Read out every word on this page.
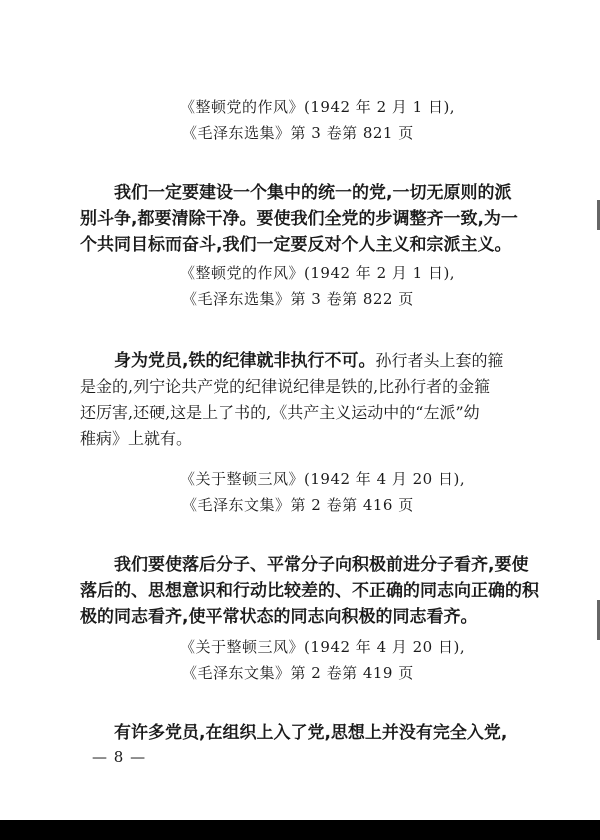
《整顿党的作风》(1942 年 2 月 1 日),
《毛泽东选集》第 3 卷第 821 页
我们一定要建设一个集中的统一的党,一切无原则的派
别斗争,都要清除干净。要使我们全党的步调整齐一致,为一
个共同目标而奋斗,我们一定要反对个人主义和宗派主义。
《整顿党的作风》(1942 年 2 月 1 日),
《毛泽东选集》第 3 卷第 822 页
身为党员,铁的纪律就非执行不可。孙行者头上套的箍
是金的,列宁论共产党的纪律说纪律是铁的,比孙行者的金箍
还厉害,还硬,这是上了书的,《共产主义运动中的“左派”幼
稚病》上就有。
《关于整顿三风》(1942 年 4 月 20 日),
《毛泽东文集》第 2 卷第 416 页
我们要使落后分子、平常分子向积极前进分子看齐,要使
落后的、思想意识和行动比较差的、不正确的同志向正确的积
极的同志看齐,使平常状态的同志向积极的同志看齐。
《关于整顿三风》(1942 年 4 月 20 日),
《毛泽东文集》第 2 卷第 419 页
有许多党员,在组织上入了党,思想上并没有完全入党,
— 8 —
